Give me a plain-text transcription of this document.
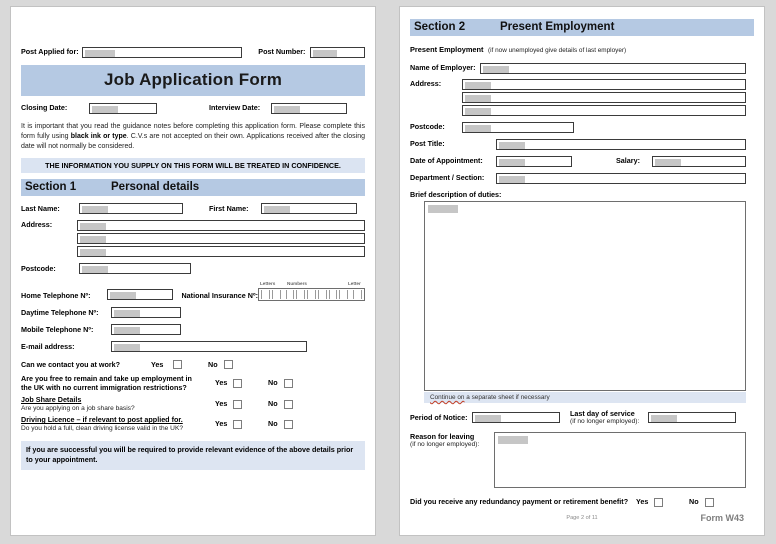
Post Applied for:	Post Number:
Job Application Form
Closing Date:	Interview Date:
It is important that you read the guidance notes before completing this application form. Please complete this form fully using black ink or type. C.V.s are not accepted on their own. Applications received after the closing date will not normally be considered.
THE INFORMATION YOU SUPPLY ON THIS FORM WILL BE TREATED IN CONFIDENCE.
Section 1	Personal details
Last Name:	First Name:
Address:
Postcode:
Home Telephone Nº:	National Insurance Nº:
Letters	Numbers	Letter
Daytime Telephone Nº:
Mobile Telephone Nº:
E-mail address:
Can we contact you at work?	Yes	No
Are you free to remain and take up employment in the UK with no current immigration restrictions?
Yes	No
Job Share Details
Are you applying on a job share basis?	Yes	No
Driving Licence – if relevant to post applied for.
Do you hold a full, clean driving license valid in the UK?	Yes	No
If you are successful you will be required to provide relevant evidence of the above details prior to your appointment.
Section 2	Present Employment
Present Employment (if now unemployed give details of last employer)
Name of Employer:
Address:
Postcode:
Post Title:
Date of Appointment:	Salary:
Department / Section:
Brief description of duties:
Continue on a separate sheet if necessary
Period of Notice:	Last day of service
(if no longer employed):
Reason for leaving
(if no longer employed):
Did you receive any redundancy payment or retirement benefit?	Yes	No
Page 2 of 11	Form W43
